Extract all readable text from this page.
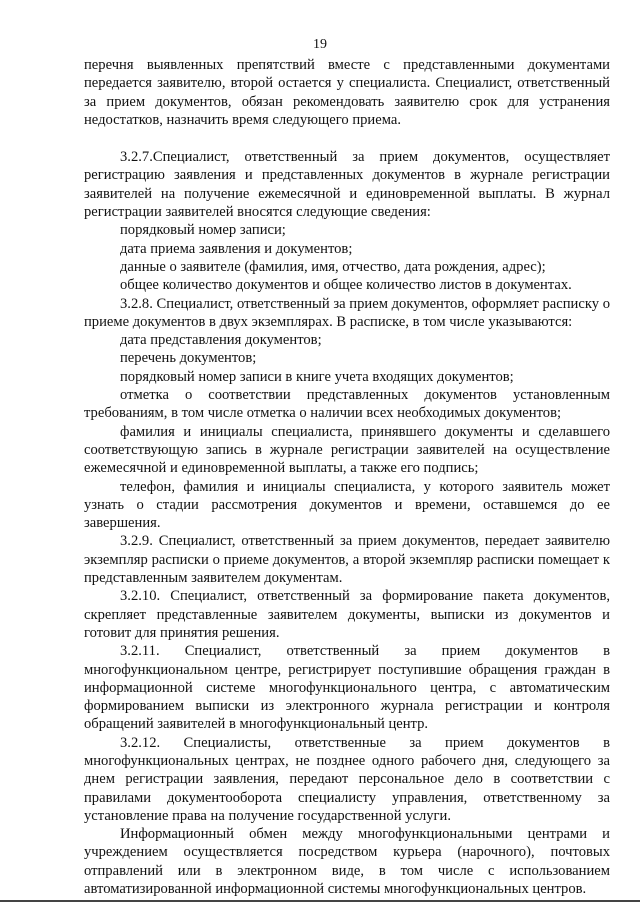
19

перечня выявленных препятствий вместе с представленными документами передается заявителю, второй остается у специалиста. Специалист, ответственный за прием документов, обязан рекомендовать заявителю срок для устранения недостатков, назначить время следующего приема.

3.2.7.Специалист, ответственный за прием документов, осуществляет регистрацию заявления и представленных документов в журнале регистрации заявителей на получение ежемесячной и единовременной выплаты. В журнал регистрации заявителей вносятся следующие сведения:

порядковый номер записи;

дата приема заявления и документов;

данные о заявителе (фамилия, имя, отчество, дата рождения, адрес);

общее количество документов и общее количество листов в документах.

3.2.8. Специалист, ответственный за прием документов, оформляет расписку о приеме документов в двух экземплярах. В расписке, в том числе указываются:

дата представления документов;

перечень документов;

порядковый номер записи в книге учета входящих документов;

отметка о соответствии представленных документов установленным требованиям, в том числе отметка о наличии всех необходимых документов;

фамилия и инициалы специалиста, принявшего документы и сделавшего соответствующую запись в журнале регистрации заявителей на осуществление ежемесячной и единовременной выплаты, а также его подпись;

телефон, фамилия и инициалы специалиста, у которого заявитель может узнать о стадии рассмотрения документов и времени, оставшемся до ее завершения.

3.2.9. Специалист, ответственный за прием документов, передает заявителю экземпляр расписки о приеме документов, а второй экземпляр расписки помещает к представленным заявителем документам.

3.2.10. Специалист, ответственный за формирование пакета документов, скрепляет представленные заявителем документы, выписки из документов и готовит для принятия решения.

3.2.11. Специалист, ответственный за прием документов в многофункциональном центре, регистрирует поступившие обращения граждан в информационной системе многофункционального центра, с автоматическим формированием выписки из электронного журнала регистрации и контроля обращений заявителей в многофункциональный центр.

3.2.12. Специалисты, ответственные за прием документов в многофункциональных центрах, не позднее одного рабочего дня, следующего за днем регистрации заявления, передают персональное дело в соответствии с правилами документооборота специалисту управления, ответственному за установление права на получение государственной услуги.

Информационный обмен между многофункциональными центрами и учреждением осуществляется посредством курьера (нарочного), почтовых отправлений или в электронном виде, в том числе с использованием автоматизированной информационной системы многофункциональных центров.
